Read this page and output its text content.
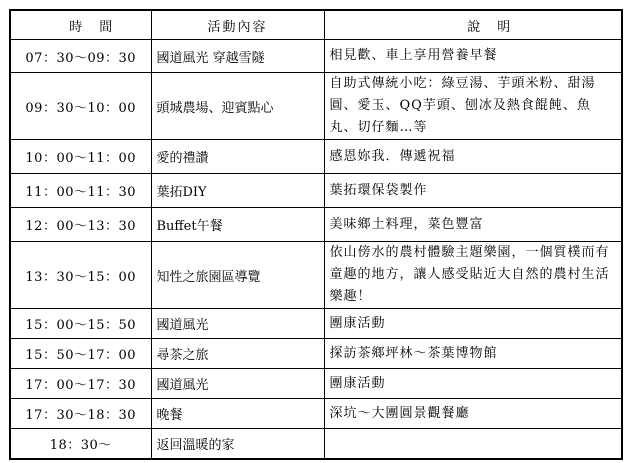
時　間	活動內容	說　明
07：30～09：30	國道風光 穿越雪隧	相見歡、車上享用營養早餐
09：30～10：00	頭城農場、迎賓點心	自助式傳統小吃：綠豆湯、芋頭米粉、甜湯圓、愛玉、QQ芋頭、刨冰及熱食餛飩、魚丸、切仔麵…等
10：00～11：00	愛的禮讚	感恩妳我．傳遞祝福
11：00～11：30	葉拓DIY	葉拓環保袋製作
12：00～13：30	Buffet午餐	美味鄉土料理，菜色豐富
13：30～15：00	知性之旅園區導覽	依山傍水的農村體驗主題樂園，一個質樸而有童趣的地方，讓人感受貼近大自然的農村生活樂趣！
15：00～15：50	國道風光	團康活動
15：50～17：00	尋茶之旅	探訪茶鄉坪林～茶葉博物館
17：00～17：30	國道風光	團康活動
17：30～18：30	晚餐	深坑～大團圓景觀餐廳
18：30～	返回溫暖的家	
